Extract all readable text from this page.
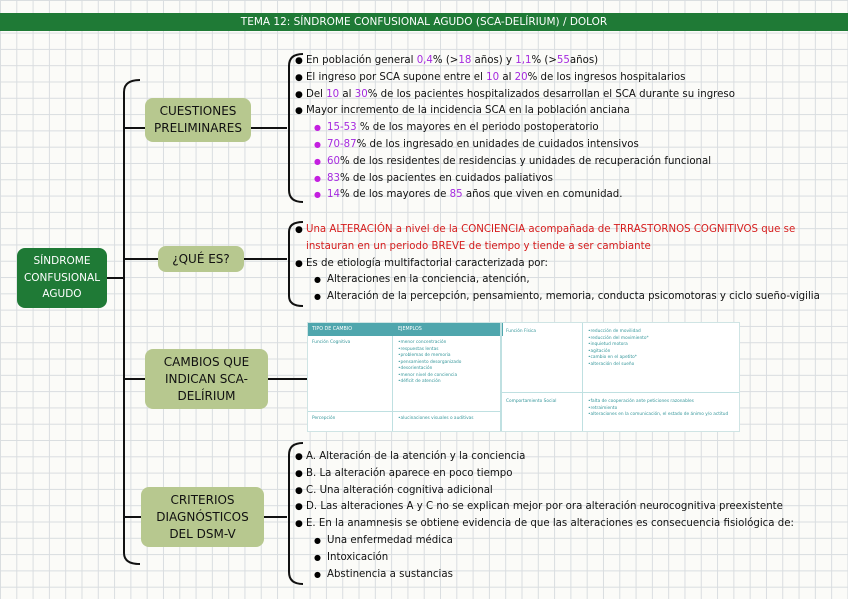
TEMA 12: SÍNDROME CONFUSIONAL AGUDO (SCA-DELÍRIUM) / DOLOR
SÍNDROME
CONFUSIONAL
AGUDO
CUESTIONES
PRELIMINARES
● En población general 0,4% (>18 años) y 1,1% (>55años)
● El ingreso por SCA supone entre el 10 al 20% de los ingresos hospitalarios
● Del 10 al 30% de los pacientes hospitalizados desarrollan el SCA durante su ingreso
● Mayor incremento de la incidencia SCA en la población anciana
● 15-53 % de los mayores en el periodo postoperatorio
● 70-87% de los ingresado en unidades de cuidados intensivos
● 60% de los residentes de residencias y unidades de recuperación funcional
● 83% de los pacientes en cuidados paliativos
● 14% de los mayores de 85 años que viven en comunidad.
¿QUÉ ES?
● Una ALTERACIÓN a nivel de la CONCIENCIA acompañada de TRRASTORNOS COGNITIVOS que se
instauran en un periodo BREVE de tiempo y tiende a ser cambiante
● Es de etiología multifactorial caracterizada por:
● Alteraciones en la conciencia, atención,
● Alteración de la percepción, pensamiento, memoria, conducta psicomotoras y ciclo sueño-vigilia
CAMBIOS QUE
INDICAN SCA-
DELÍRIUM
TIPO DE CAMBIO	EJEMPLOS
Función Cognitiva	• menor concentración
• respuestas lentas
• problemas de memoria
• pensamiento desorganizado
• desorientación
• menor nivel de conciencia
• déficit de atención
Percepción	• alucinaciones visuales o auditivas
Función Física	• reducción de movilidad
• reducción del movimiento*
• inquietud motora
• agitación
• cambio en el apetito*
• alteración del sueño
Comportamiento Social	• falta de cooperación ante peticiones razonables
• retraimiento
• alteraciones en la comunicación, el estado de ánimo y/o actitud
CRITERIOS
DIAGNÓSTICOS
DEL DSM-V
● A. Alteración de la atención y la conciencia
● B. La alteración aparece en poco tiempo
● C. Una alteración cognitiva adicional
● D. Las alteraciones A y C no se explican mejor por ora alteración neurocognitiva preexistente
● E. En la anamnesis se obtiene evidencia de que las alteraciones es consecuencia fisiológica de:
● Una enfermedad médica
● Intoxicación
● Abstinencia a sustancias
